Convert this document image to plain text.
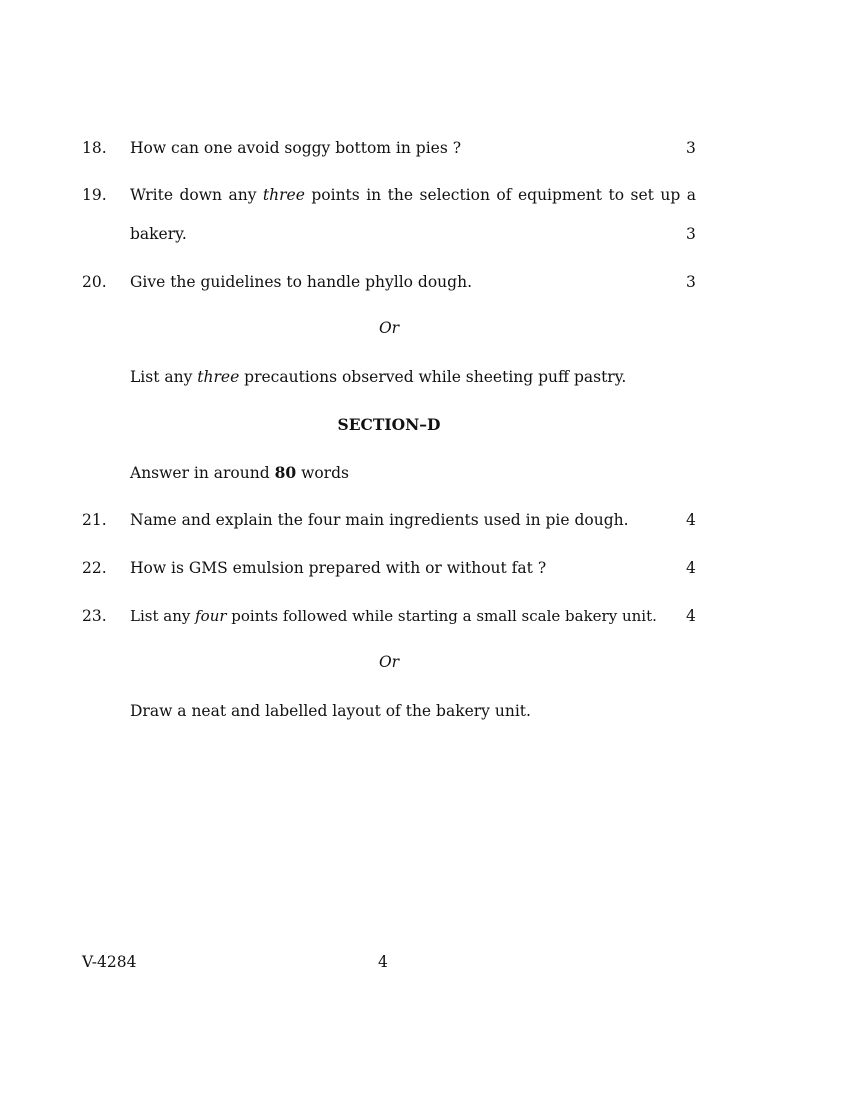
18. How can one avoid soggy bottom in pies ?	3
19. Write down any three points in the selection of equipment to set up a
bakery.	3
20. Give the guidelines to handle phyllo dough.	3
Or
List any three precautions observed while sheeting puff pastry.
SECTION–D
Answer in around 80 words
21. Name and explain the four main ingredients used in pie dough.	4
22. How is GMS emulsion prepared with or without fat ?	4
23. List any four points followed while starting a small scale bakery unit. 4
Or
Draw a neat and labelled layout of the bakery unit.
V-4284	4
